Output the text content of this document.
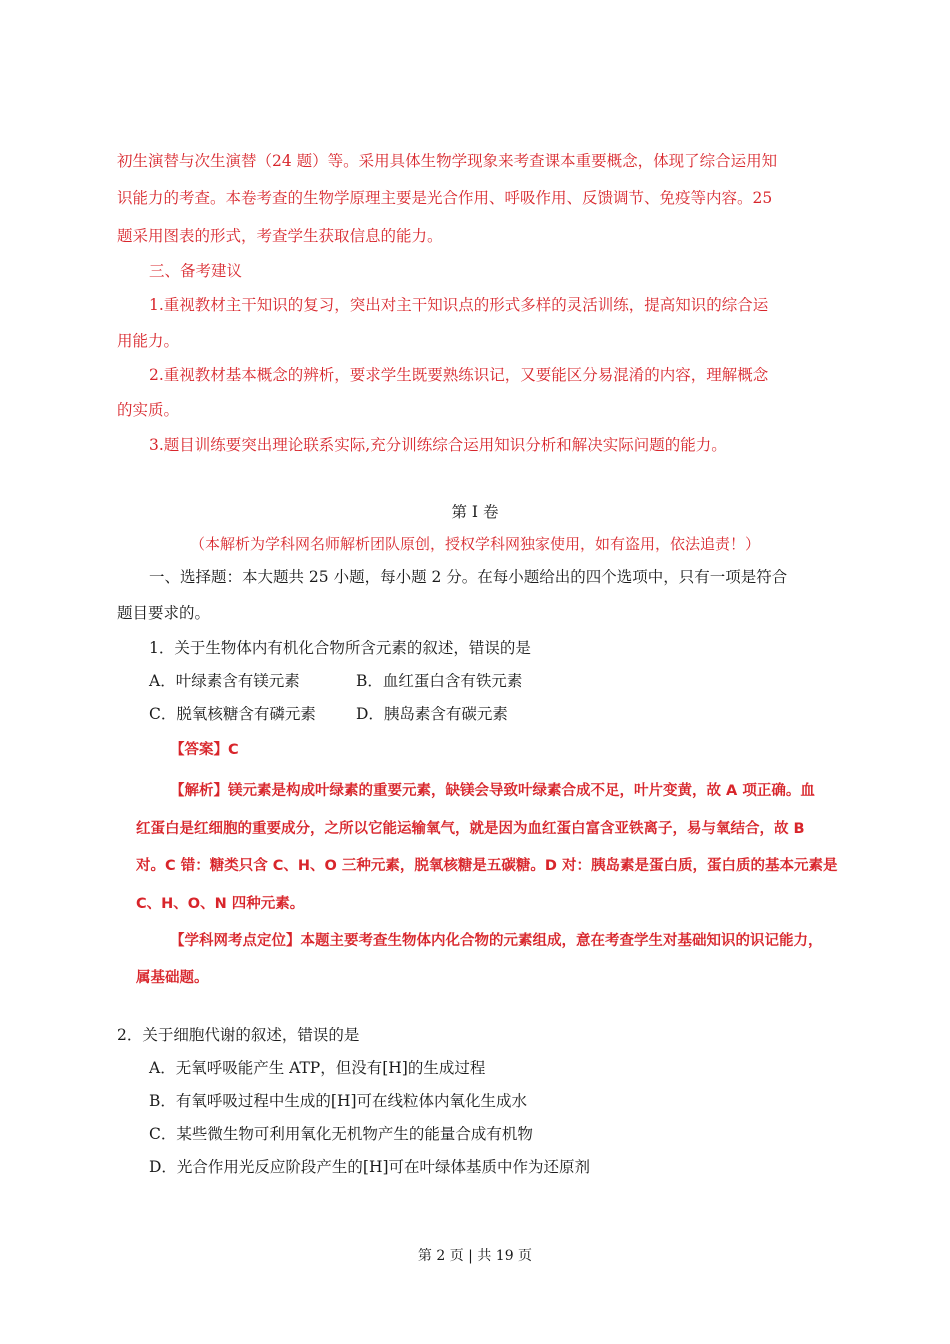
初生演替与次生演替（24 题）等。采用具体生物学现象来考查课本重要概念，体现了综合运用知
识能力的考查。本卷考查的生物学原理主要是光合作用、呼吸作用、反馈调节、免疫等内容。25
题采用图表的形式，考查学生获取信息的能力。
三、备考建议
1.重视教材主干知识的复习，突出对主干知识点的形式多样的灵活训练，提高知识的综合运
用能力。
2.重视教材基本概念的辨析，要求学生既要熟练识记，又要能区分易混淆的内容，理解概念
的实质。
3.题目训练要突出理论联系实际,充分训练综合运用知识分析和解决实际问题的能力。
第 I 卷
（本解析为学科网名师解析团队原创，授权学科网独家使用，如有盗用，依法追责！）
一、选择题：本大题共 25 小题，每小题 2 分。在每小题给出的四个选项中，只有一项是符合
题目要求的。
1．关于生物体内有机化合物所含元素的叙述，错误的是
A．叶绿素含有镁元素	B．血红蛋白含有铁元素
C．脱氧核糖含有磷元素	D．胰岛素含有碳元素
【答案】C
【解析】镁元素是构成叶绿素的重要元素，缺镁会导致叶绿素合成不足，叶片变黄，故 A 项正确。血
红蛋白是红细胞的重要成分，之所以它能运输氧气，就是因为血红蛋白富含亚铁离子，易与氧结合，故 B
对。C 错：糖类只含 C、H、O 三种元素，脱氧核糖是五碳糖。D 对：胰岛素是蛋白质，蛋白质的基本元素是
C、H、O、N 四种元素。
【学科网考点定位】本题主要考查生物体内化合物的元素组成，意在考查学生对基础知识的识记能力，
属基础题。
2．关于细胞代谢的叙述，错误的是
A．无氧呼吸能产生 ATP，但没有[H]的生成过程
B．有氧呼吸过程中生成的[H]可在线粒体内氧化生成水
C．某些微生物可利用氧化无机物产生的能量合成有机物
D．光合作用光反应阶段产生的[H]可在叶绿体基质中作为还原剂
第 2 页 | 共 19 页
